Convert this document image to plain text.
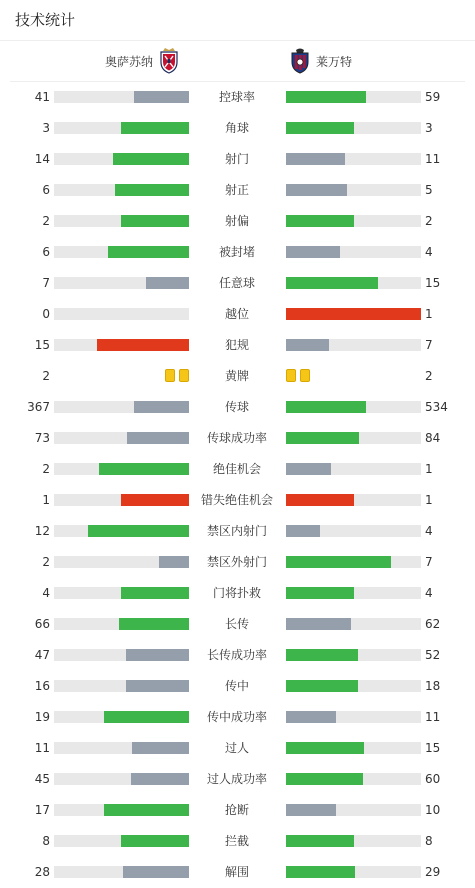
技术统计
奥萨苏纳	莱万特
41	控球率	59
3	角球	3
14	射门	11
6	射正	5
2	射偏	2
6	被封堵	4
7	任意球	15
0	越位	1
15	犯规	7
2	黄牌	2
367	传球	534
73	传球成功率	84
2	绝佳机会	1
1	错失绝佳机会	1
12	禁区内射门	4
2	禁区外射门	7
4	门将扑救	4
66	长传	62
47	长传成功率	52
16	传中	18
19	传中成功率	11
11	过人	15
45	过人成功率	60
17	抢断	10
8	拦截	8
28	解围	29
